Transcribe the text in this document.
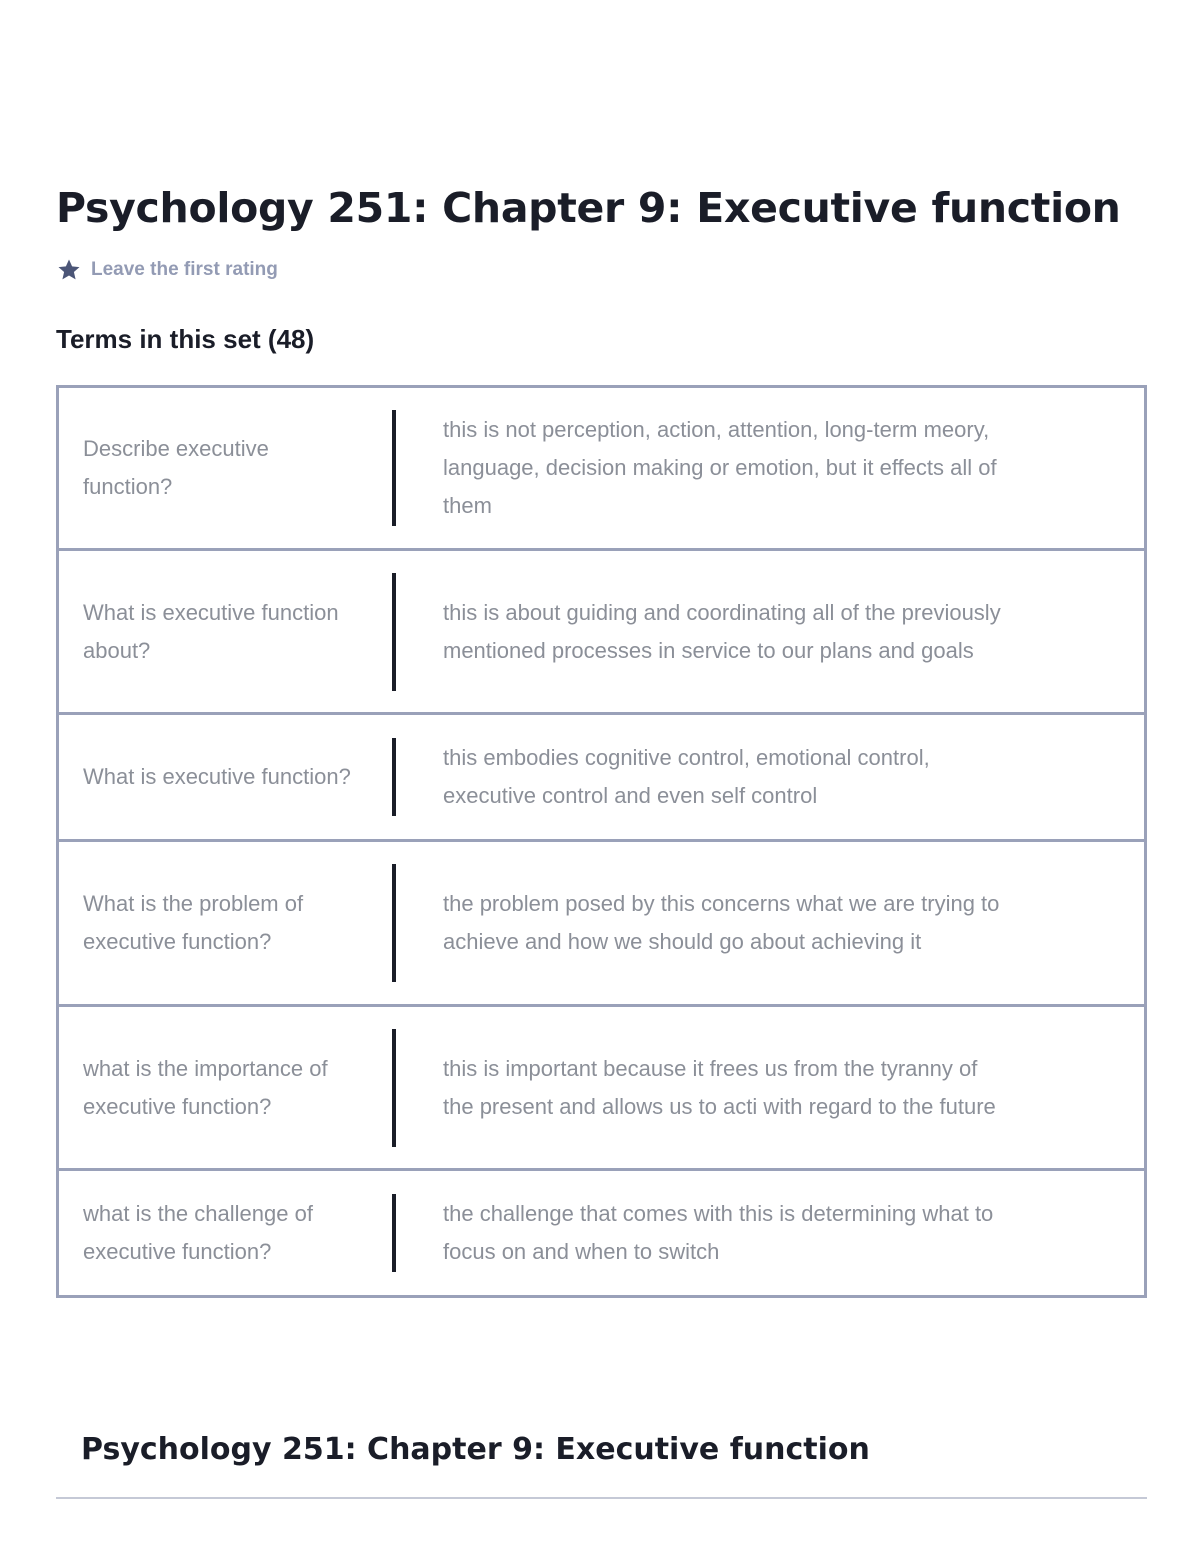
Psychology 251: Chapter 9: Executive function
Leave the first rating
Terms in this set (48)
Describe executive function?
this is not perception, action, attention, long-term meory, language, decision making or emotion, but it effects all of them
What is executive function about?
this is about guiding and coordinating all of the previously mentioned processes in service to our plans and goals
What is executive function?
this embodies cognitive control, emotional control, executive control and even self control
What is the problem of executive function?
the problem posed by this concerns what we are trying to achieve and how we should go about achieving it
what is the importance of executive function?
this is important because it frees us from the tyranny of the present and allows us to acti with regard to the future
what is the challenge of executive function?
the challenge that comes with this is determining what to focus on and when to switch
Psychology 251: Chapter 9: Executive function
